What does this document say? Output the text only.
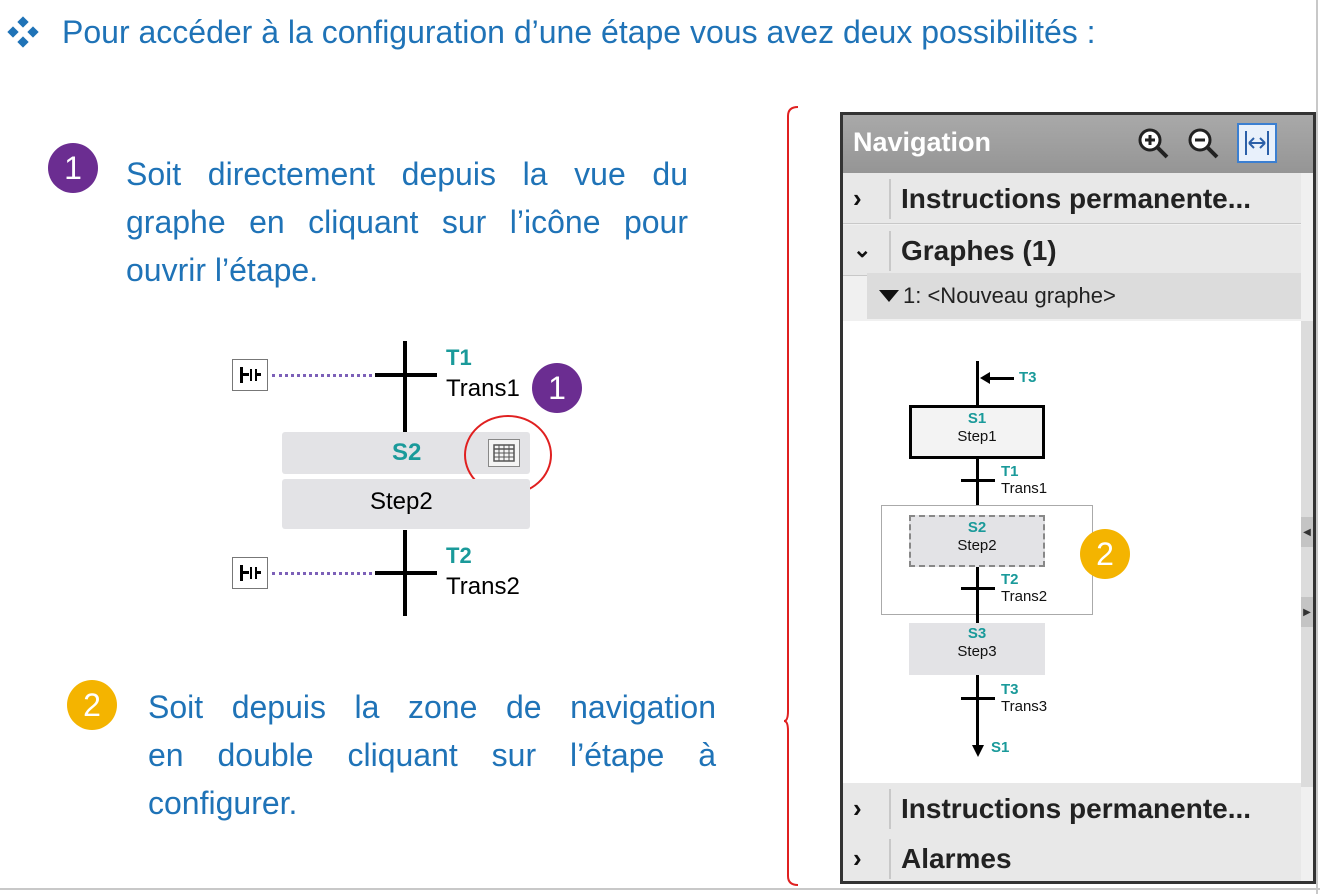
Pour accéder à la configuration d’une étape vous avez deux possibilités :
1	Soit directement depuis la vue du
graphe en cliquant sur l’icône pour
ouvrir l’étape.
T1
Trans1 1
S2
Step2
T2
Trans2
2	Soit depuis la zone de navigation
en double cliquant sur l’étape à
configurer.
Navigation
› Instructions permanente...
⌄ Graphes (1)
1: <Nouveau graphe>
T3
S1
Step1
T1
Trans1
S2
Step2
T2
Trans2
S3
Step3
T3
Trans3
S1
2
◀
▶
› Instructions permanente...
› Alarmes
